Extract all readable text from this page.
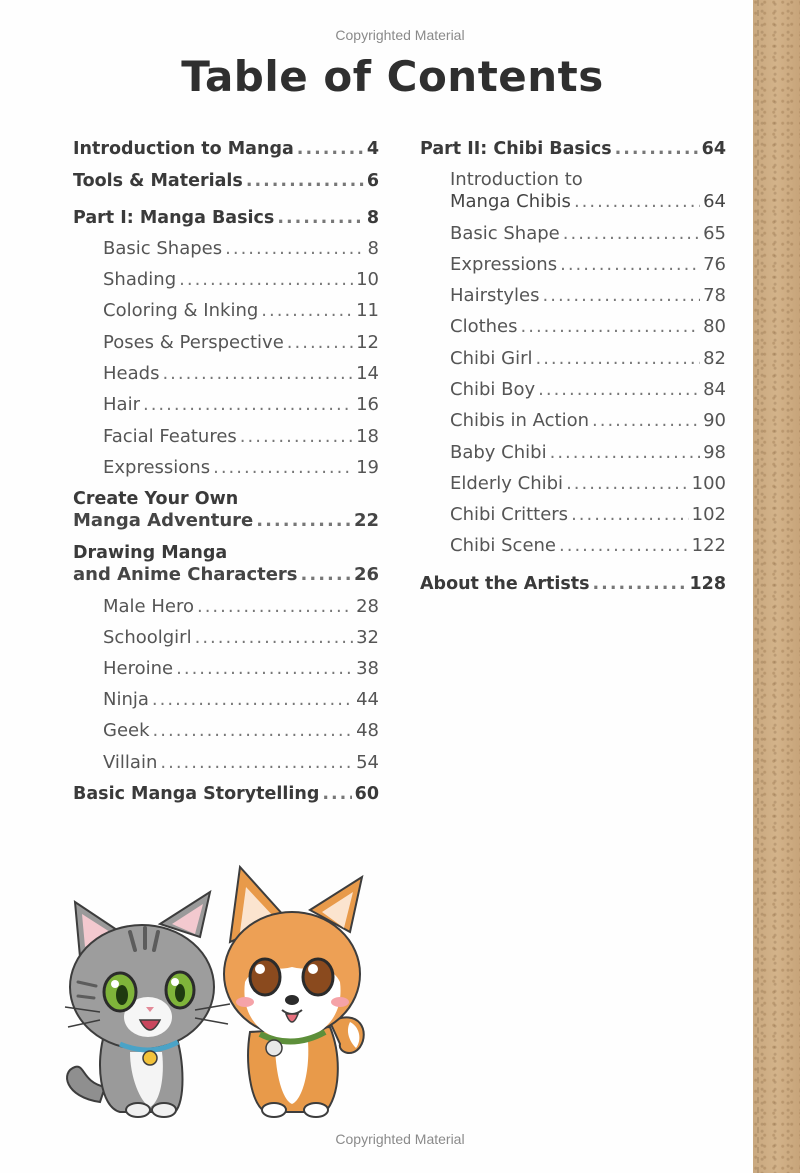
Copyrighted Material
Table of Contents
Introduction to Manga .....	4
Tools & Materials .....	6
Part I: Manga Basics .....	8
Basic Shapes .....	8
Shading .....	10
Coloring & Inking .....	11
Poses & Perspective .....	12
Heads .....	14
Hair .....	16
Facial Features .....	18
Expressions .....	19
Create Your Own
Manga Adventure .....	22
Drawing Manga
and Anime Characters .....	26
Male Hero .....	28
Schoolgirl .....	32
Heroine .....	38
Ninja .....	44
Geek .....	48
Villain .....	54
Basic Manga Storytelling ..... 60
Part II: Chibi Basics .....	64
Introduction to
Manga Chibis .....	64
Basic Shape .....	65
Expressions .....	76
Hairstyles .....	78
Clothes .....	80
Chibi Girl .....	82
Chibi Boy .....	84
Chibis in Action .....	90
Baby Chibi .....	98
Elderly Chibi .....	100
Chibi Critters .....	102
Chibi Scene .....	122
About the Artists .....	128
Copyrighted Material
